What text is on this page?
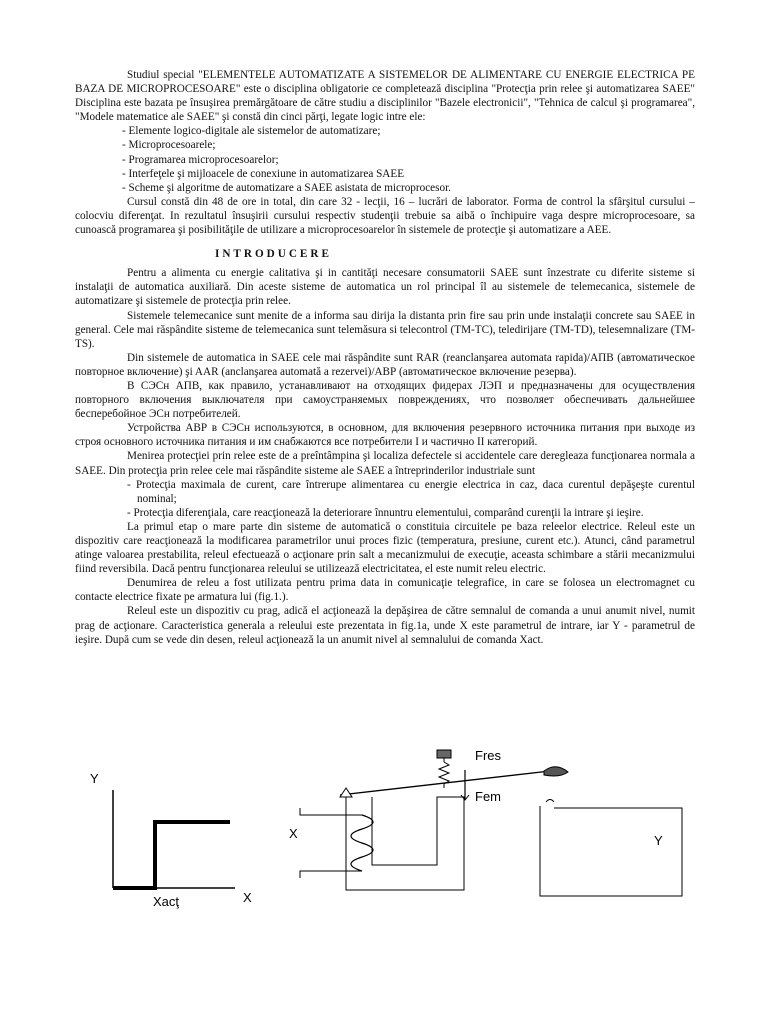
Studiul special "ELEMENTELE AUTOMATIZATE A SISTEMELOR DE ALIMENTARE CU ENERGIE ELECTRICA PE BAZA DE MICROPROCESOARE" este o disciplina obligatorie ce completează disciplina "Protecţia prin relee şi automatizarea SAEE" Disciplina este bazata pe însuşirea premărgătoare de către studiu a disciplinilor "Bazele electronicii", "Tehnica de calcul şi programarea", "Modele matematice ale SAEE" şi constă din cinci părţi, legate logic intre ele:

- Elemente logico-digitale ale sistemelor de automatizare;

- Microprocesoarele;

- Programarea microprocesoarelor;

- Interfeţele şi mijloacele de conexiune in automatizarea SAEE

- Scheme şi algoritme de automatizare a SAEE asistata de microprocesor.

Cursul constă din 48 de ore in total, din care 32 - lecţii, 16 – lucrări de laborator. Forma de control la sfârşitul cursului – colocviu diferenţat. In rezultatul însuşirii cursului respectiv studenţii trebuie sa aibă o închipuire vaga despre microprocesoare, sa cunoască programarea şi posibilităţile de utilizare a microprocesoarelor în sistemele de protecţie şi automatizare a AEE.

INTRODUCERE

Pentru a alimenta cu energie calitativa şi in cantităţi necesare consumatorii SAEE sunt înzestrate cu diferite sisteme si instalaţii de automatica auxiliară. Din aceste sisteme de automatica un rol principal îl au sistemele de telemecanica, sistemele de automatizare şi sistemele de protecţia prin relee.

Sistemele telemecanice sunt menite de a informa sau dirija la distanta prin fire sau prin unde instalaţii concrete sau SAEE in general. Cele mai răspândite sisteme de telemecanica sunt telemăsura si telecontrol (TM-TC), teledirijare (TM-TD), telesemnalizare (TM-TS).

Din sistemele de automatica in SAEE cele mai răspândite sunt RAR (reanclanşarea automata rapida)/АПВ (автоматическое повторное включение) şi AAR (anclanşarea automată a rezervei)/АВР (автоматическое включение резерва).

В СЭСн АПВ, как правило, устанавливают на отходящих фидерах ЛЭП и предназначены для осуществления повторного включения выключателя при самоустраняемых повреждениях, что позволяет обеспечивать дальнейшее бесперебойное ЭСн потребителей.

Устройства АВР в СЭСн используются, в основном, для включения резервного источника питания при выходе из строя основного источника питания и им снабжаются все потребители I и частично II категорий.

Menirea protecţiei prin relee este de a preîntâmpina şi localiza defectele si accidentele care deregleaza funcţionarea normala a SAEE. Din protecţia prin relee cele mai răspândite sisteme ale SAEE a întreprinderilor industriale sunt

- Protecţia maximala de curent, care întrerupe alimentarea cu energie electrica in caz, daca curentul depăşeşte curentul nominal;

- Protecţia diferenţiala, care reacţionează la deteriorare înnuntru elementului, comparând curenţii la intrare şi ieşire.

La primul etap o mare parte din sisteme de automatică o constituia circuitele pe baza releelor electrice. Releul este un dispozitiv care reacţionează la modificarea parametrilor unui proces fizic (temperatura, presiune, curent etc.). Atunci, când parametrul atinge valoarea prestabilita, releul efectuează o acţionare prin salt a mecanizmului de execuţie, aceasta schimbare a stării mecanizmului fiind reversibila. Dacă pentru funcţionarea releului se utilizează electricitatea, el este numit releu electric.

Denumirea de releu a fost utilizata pentru prima data in comunicaţie telegrafice, in care se folosea un electromagnet cu contacte electrice fixate pe armatura lui (fig.1.).

Releul este un dispozitiv cu prag, adică el acţionează la depăşirea de către semnalul de comanda a unui anumit nivel, numit prag de acţionare. Caracteristica generala a releului este prezentata in fig.1a, unde X este parametrul de intrare, iar Y - parametrul de ieşire. După cum se vede din desen, releul acţionează la un anumit nivel al semnalului de comanda Xact.

Y
X
Xacţ
Fres
Fem
X	Y
